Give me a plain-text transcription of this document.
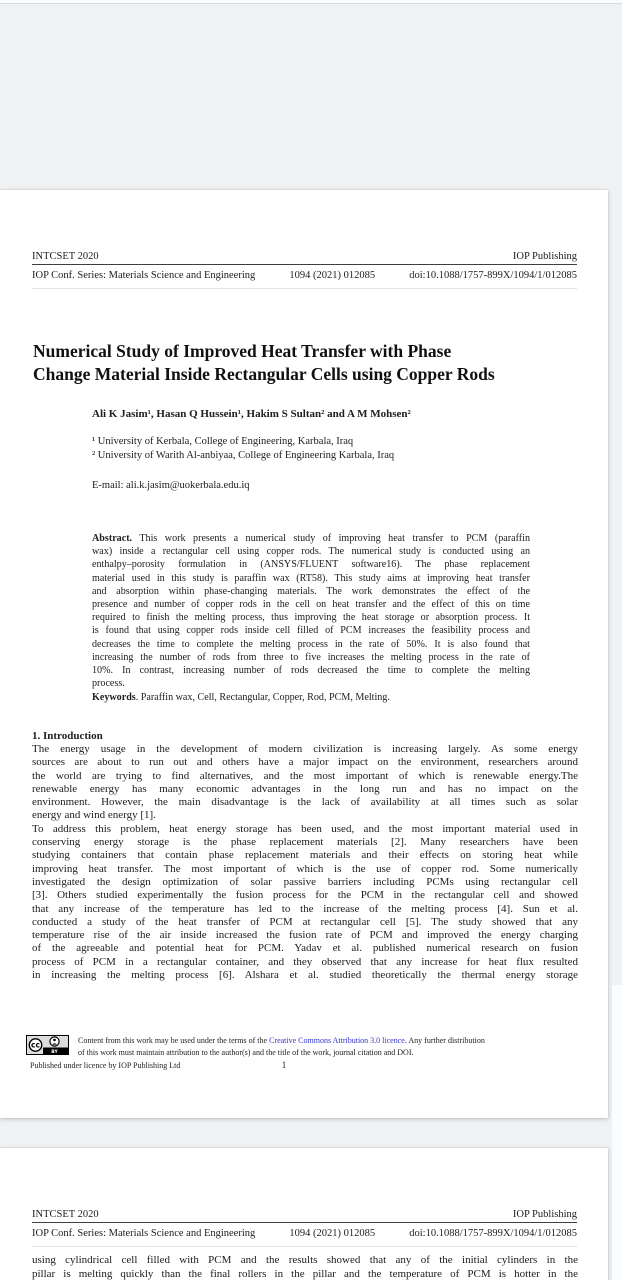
INTCSET 2020	IOP Publishing
IOP Conf. Series: Materials Science and Engineering	1094 (2021) 012085	doi:10.1088/1757-899X/1094/1/012085
Numerical Study of Improved Heat Transfer with Phase
Change Material Inside Rectangular Cells using Copper Rods
Ali K Jasim¹, Hasan Q Hussein¹, Hakim S Sultan² and A M Mohsen²
¹ University of Kerbala, College of Engineering, Karbala, Iraq
² University of Warith Al-anbiyaa, College of Engineering Karbala, Iraq
E-mail: ali.k.jasim@uokerbala.edu.iq
Abstract. This work presents a numerical study of improving heat transfer to PCM (paraffin
wax) inside a rectangular cell using copper rods. The numerical study is conducted using an
enthalpy–porosity formulation in (ANSYS/FLUENT software16). The phase replacement
material used in this study is paraffin wax (RT58). This study aims at improving heat transfer
and absorption within phase-changing materials. The work demonstrates the effect of the
presence and number of copper rods in the cell on heat transfer and the effect of this on time
required to finish the melting process, thus improving the heat storage or absorption process. It
is found that using copper rods inside cell filled of PCM increases the feasibility process and
decreases the time to complete the melting process in the rate of 50%. It is also found that
increasing the number of rods from three to five increases the melting process in the rate of
10%. In contrast, increasing number of rods decreased the time to complete the melting
process.
Keywords. Paraffin wax, Cell, Rectangular, Copper, Rod, PCM, Melting.
1. Introduction
The energy usage in the development of modern civilization is increasing largely. As some energy
sources are about to run out and others have a major impact on the environment, researchers around
the world are trying to find alternatives, and the most important of which is renewable energy.The
renewable energy has many economic advantages in the long run and has no impact on the
environment. However, the main disadvantage is the lack of availability at all times such as solar
energy and wind energy [1].
To address this problem, heat energy storage has been used, and the most important material used in
conserving energy storage is the phase replacement materials [2]. Many researchers have been
studying containers that contain phase replacement materials and their effects on storing heat while
improving heat transfer. The most important of which is the use of copper rod. Some numerically
investigated the design optimization of solar passive barriers including PCMs using rectangular cell
[3]. Others studied experimentally the fusion process for the PCM in the rectangular cell and showed
that any increase of the temperature has led to the increase of the melting process [4]. Sun et al.
conducted a study of the heat transfer of PCM at rectangular cell [5]. The study showed that any
temperature rise of the air inside increased the fusion rate of PCM and improved the energy charging
of the agreeable and potential heat for PCM. Yadav et al. published numerical research on fusion
process of PCM in a rectangular container, and they observed that any increase for heat flux resulted
in increasing the melting process [6]. Alshara et al. studied theoretically the thermal energy storage
cc
BY
Content from this work may be used under the terms of the Creative Commons Attribution 3.0 licence. Any further distribution
of this work must maintain attribution to the author(s) and the title of the work, journal citation and DOI.
Published under licence by IOP Publishing Ltd	1
INTCSET 2020	IOP Publishing
IOP Conf. Series: Materials Science and Engineering	1094 (2021) 012085	doi:10.1088/1757-899X/1094/1/012085
using cylindrical cell filled with PCM and the results showed that any of the initial cylinders in the
pillar is melting quickly than the final rollers in the pillar and the temperature of PCM is hotter in the
